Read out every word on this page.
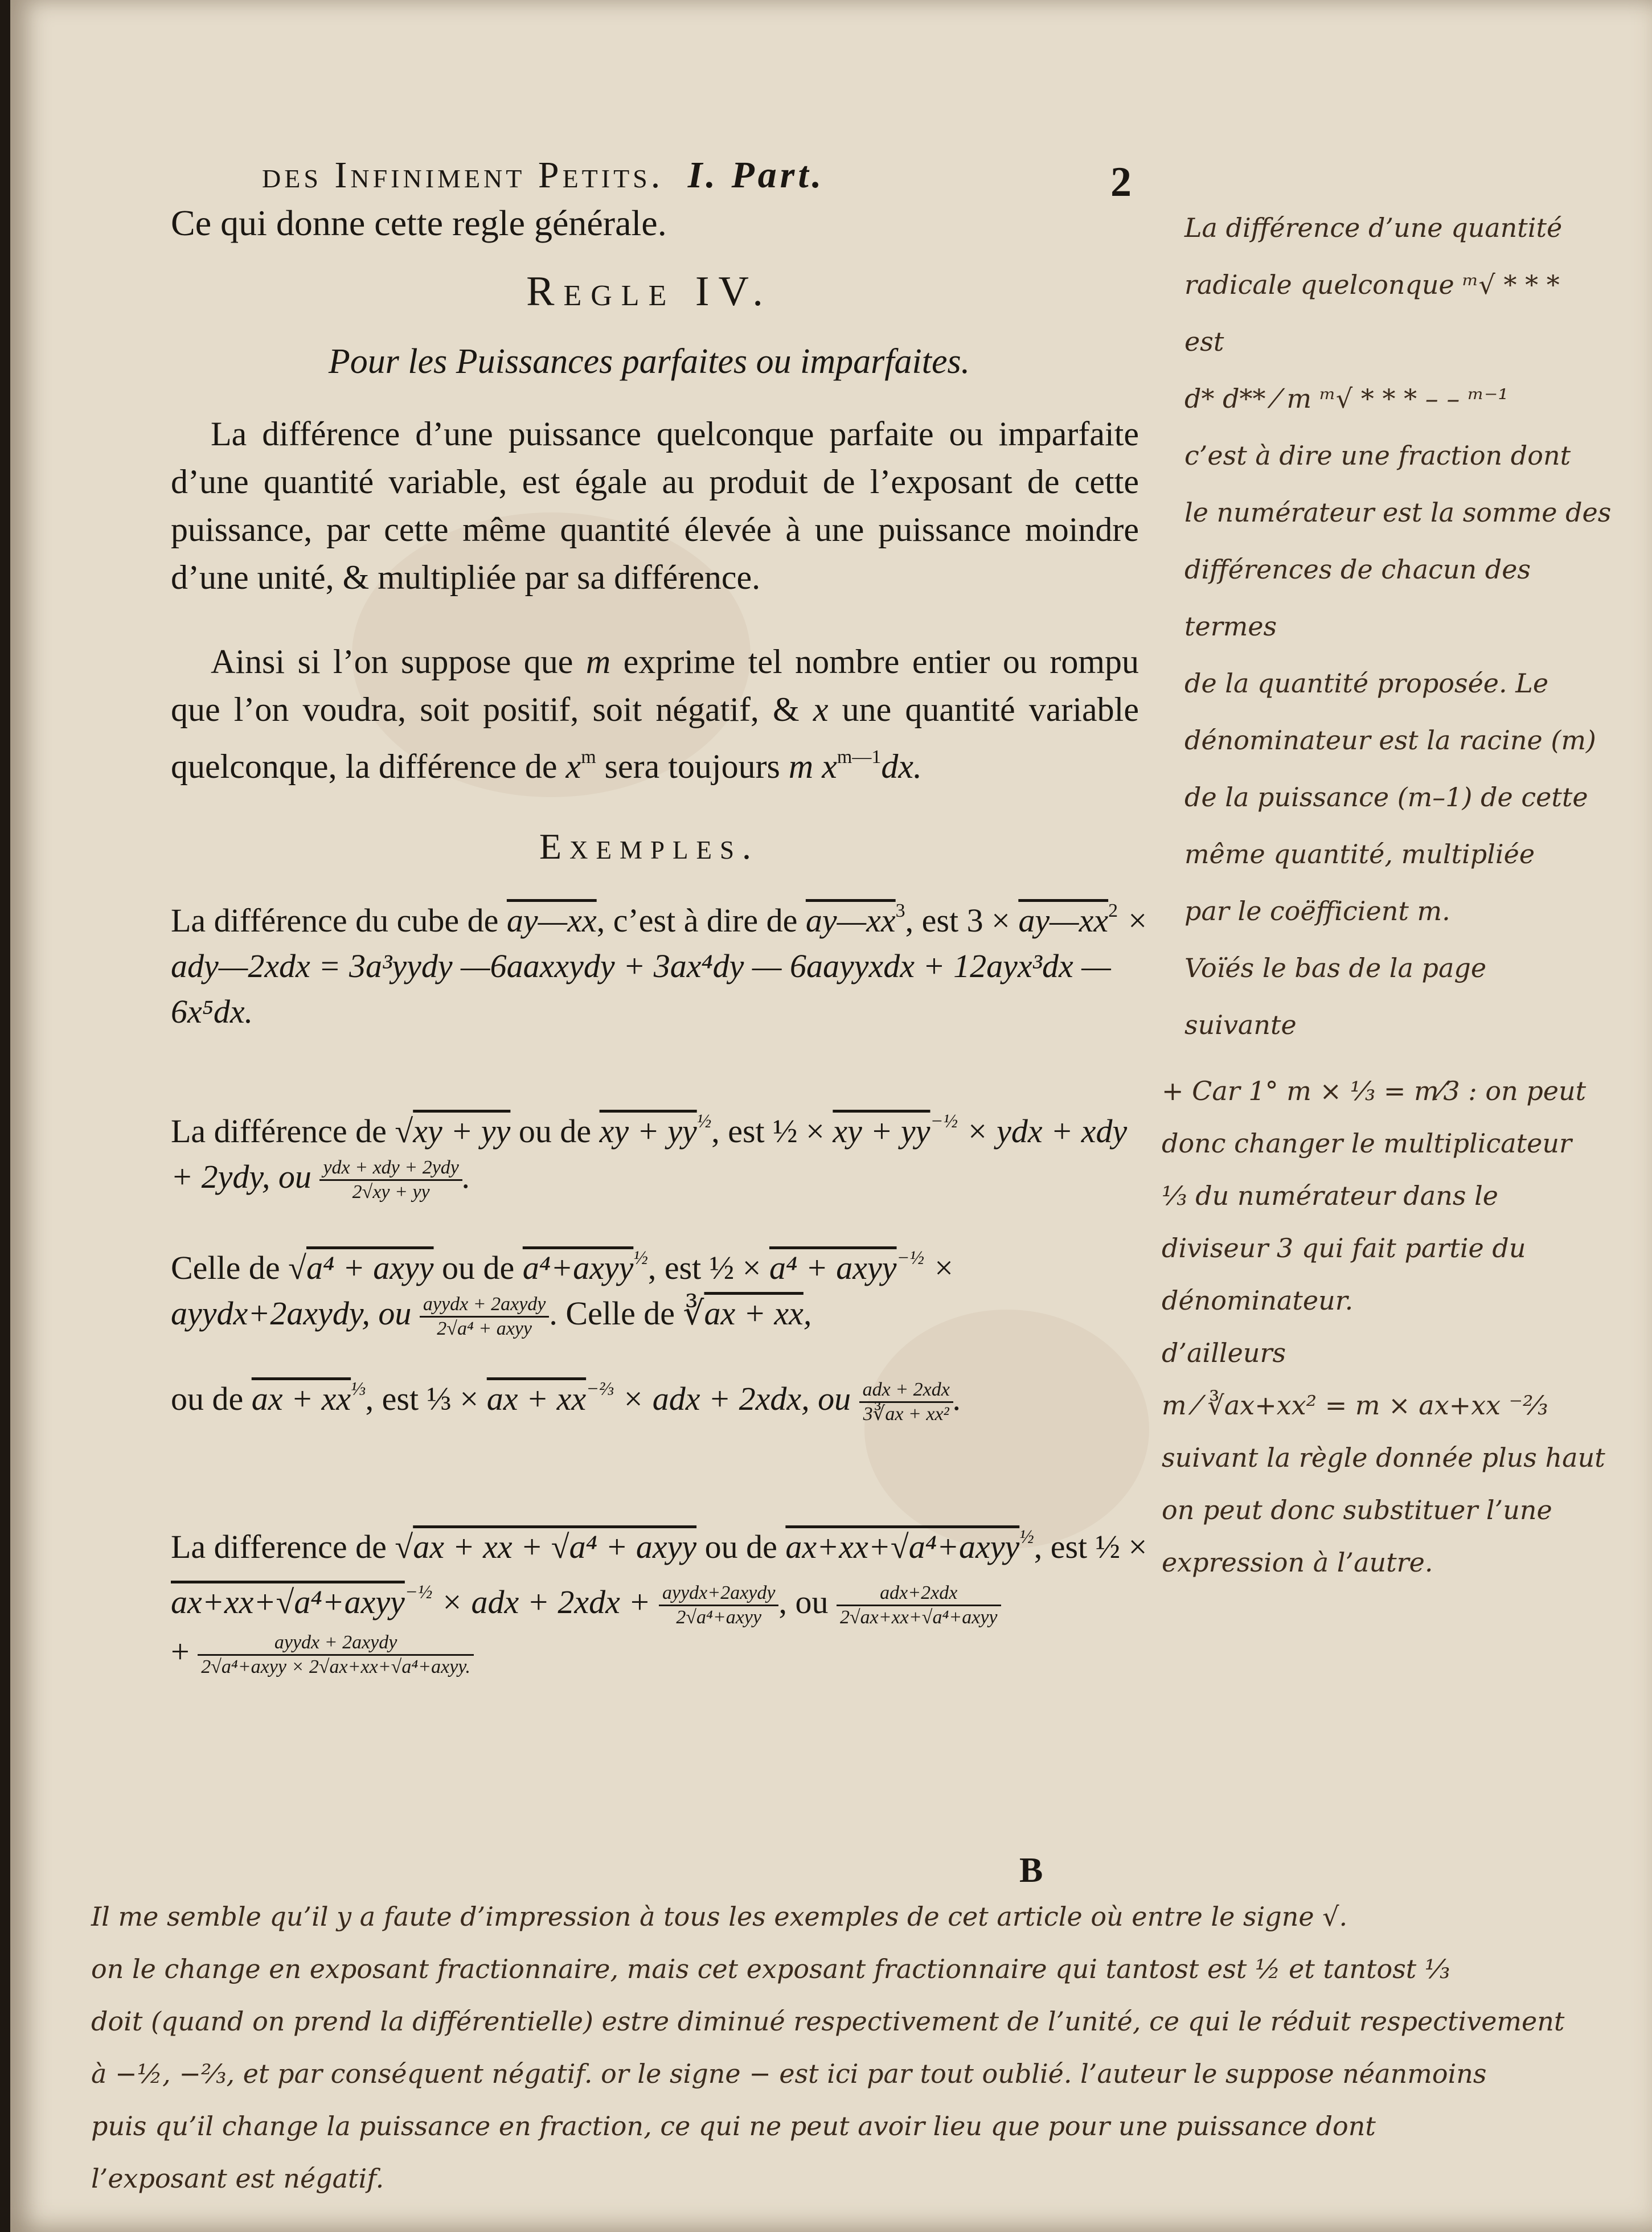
des Infiniment Petits. I. Part.	2
Ce qui donne cette regle générale.
Regle IV.
Pour les Puissances parfaites ou imparfaites.
La différence d’une puissance quelconque parfaite ou imparfaite d’une quantité variable, est égale au produit de l’exposant de cette puissance, par cette même quantité élevée à une puissance moindre d’une unité, & multipliée par sa différence.
Ainsi si l’on suppose que m exprime tel nombre entier ou rompu que l’on voudra, soit positif, soit négatif, & x une quantité variable quelconque, la différence de $x^m$ sera toujours m $x^{m—1}dx$.
Exemples.
La différence du cube de ay—xx, c’est à dire de $ay—xx^3$, est $3 \times ay—xx^2$ × ady—2xdx = 3a³yydy —6aaxxydy + 3ax⁴dy — 6aayyxdx + 12ayx³dx —6x⁵dx.
La différence de √xy + yy ou de xy + $yy^{\frac{1}{2}}$, est ½ × xy + $yy^{-\frac{1}{2}}$ × ydx + xdy + 2ydy, ou $\frac{\text{ydx + xdy + 2ydy}}{2√xy + yy}$ .
Celle de √a⁴ + axyy ou de a⁴+axyy$^{\frac{1}{2}}$, est ½ × a⁴ + axyy$^{-\frac{1}{2}}$ × ayydx+2axydy, ou $\frac{\text{ayydx + 2axydy}}{\text{2√a⁴ + axyy}}$ . Celle de ∛ax + xx,
ou de ax + $xx^{\frac{1}{3}}$, est ⅓ × ax + $xx^{-\frac{2}{3}}$ × adx + 2xdx, ou $\frac{\text{adx + 2xdx}}{\text{3∛ax + xx²}}$ .
La difference de √ax + xx + √a⁴ + axyy ou de ax+xx+√a⁴+axyy$^{\frac{1}{2}}$, est ½ × ax+xx+√a⁴+axyy$^{-\frac{1}{2}}$ × adx + $2xdx + \frac{\text{ayydx+2axydy}}{\text{2√a⁴+axyy}}$ , ou $\frac{\text{adx+2xdx}}{\text{2√ax+xx+√a⁴+axyy}}$

+ $\frac{\text{ayydx + 2axydy}}{\text{2√a⁴+axyy × 2√ax+xx+√a⁴+axyy.}}$
B
La différence d’une quantité
radicale quelconque ᵐ√ * * *
est
d* d** ⁄ m ᵐ√ * * * – – ᵐ⁻¹
c’est à dire une fraction dont
le numérateur est la somme des
différences de chacun des termes
de la quantité proposée. Le
dénominateur est la racine (m)
de la puissance (m–1) de cette
même quantité, multipliée
par le coëfficient m.
Voïés le bas de la page
suivante
+ Car 1° m × ⅓ = m⁄3 : on peut
donc changer le multiplicateur
⅓ du numérateur dans le
diviseur 3 qui fait partie du
dénominateur.
d’ailleurs
m ⁄ ∛ax+xx² = m × ax+xx ⁻⅔
suivant la règle donnée plus haut
on peut donc substituer l’une
expression à l’autre.
Il me semble qu’il y a faute d’impression à tous les exemples de cet article où entre le signe √.
on le change en exposant fractionnaire, mais cet exposant fractionnaire qui tantost est ½ et tantost ⅓
doit (quand on prend la différentielle) estre diminué respectivement de l’unité, ce qui le réduit respectivement
à −½, −⅔, et par conséquent négatif. or le signe − est ici par tout oublié. l’auteur le suppose néanmoins
puis qu’il change la puissance en fraction, ce qui ne peut avoir lieu que pour une puissance dont
l’exposant est négatif.
